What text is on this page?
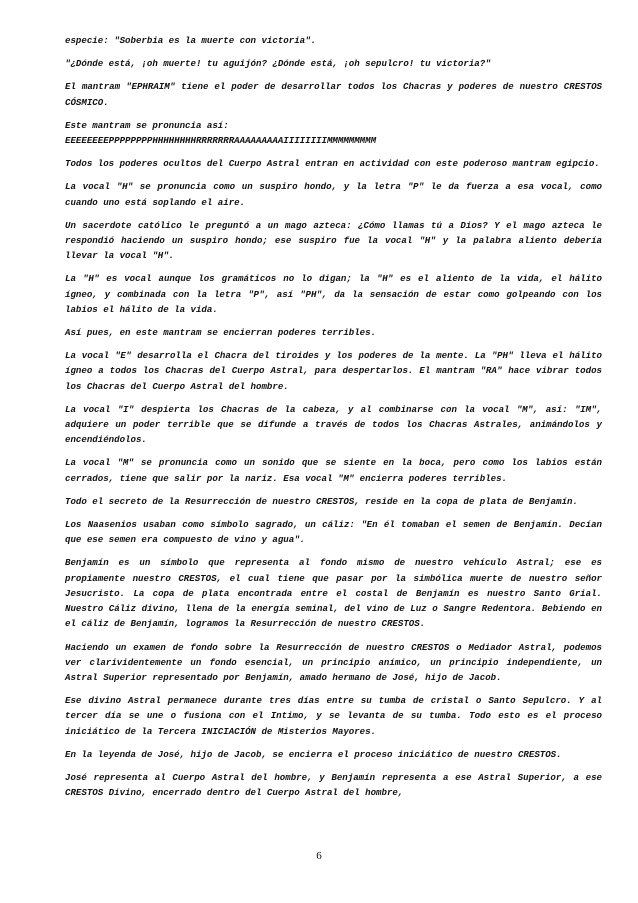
especie: "Soberbia es la muerte con victoria".

"¿Dónde está, ¡oh muerte! tu aguijón? ¿Dónde está, ¡oh sepulcro! tu victoria?"

El mantram "EPHRAIM" tiene el poder de desarrollar todos los Chacras y poderes de nuestro CRESTOS CÓSMICO.

Este mantram se pronuncia así:
EEEEEEEEPPPPPPPPHHHHHHHHRRRRRRRAAAAAAAAAIIIIIIIIMMMMMMMMM

Todos los poderes ocultos del Cuerpo Astral entran en actividad con este poderoso mantram egipcio.

La vocal "H" se pronuncia como un suspiro hondo, y la letra "P" le da fuerza a esa vocal, como cuando uno está soplando el aire.

Un sacerdote católico le preguntó a un mago azteca: ¿Cómo llamas tú a Dios? Y el mago azteca le respondió haciendo un suspiro hondo; ese suspiro fue la vocal "H" y la palabra aliento debería llevar la vocal "H".

La "H" es vocal aunque los gramáticos no lo digan; la "H" es el aliento de la vida, el hálito ígneo, y combinada con la letra "P", así "PH", da la sensación de estar como golpeando con los labios el hálito de la vida.

Así pues, en este mantram se encierran poderes terribles.

La vocal "E" desarrolla el Chacra del tiroides y los poderes de la mente. La "PH" lleva el hálito ígneo a todos los Chacras del Cuerpo Astral, para despertarlos. El mantram "RA" hace vibrar todos los Chacras del Cuerpo Astral del hombre.

La vocal "I" despierta los Chacras de la cabeza, y al combinarse con la vocal "M", así: "IM", adquiere un poder terrible que se difunde a través de todos los Chacras Astrales, animándolos y encendiéndolos.

La vocal "M" se pronuncia como un sonido que se siente en la boca, pero como los labios están cerrados, tiene que salir por la nariz. Esa vocal "M" encierra poderes terribles.

Todo el secreto de la Resurrección de nuestro CRESTOS, reside en la copa de plata de Benjamín.

Los Naasenios usaban como símbolo sagrado, un cáliz: "En él tomaban el semen de Benjamín. Decían que ese semen era compuesto de vino y agua".

Benjamín es un símbolo que representa al fondo mismo de nuestro vehículo Astral; ese es propiamente nuestro CRESTOS, el cual tiene que pasar por la simbólica muerte de nuestro señor Jesucristo. La copa de plata encontrada entre el costal de Benjamín es nuestro Santo Grial. Nuestro Cáliz divino, llena de la energía seminal, del vino de Luz o Sangre Redentora. Bebiendo en el cáliz de Benjamín, logramos la Resurrección de nuestro CRESTOS.

Haciendo un examen de fondo sobre la Resurrección de nuestro CRESTOS o Mediador Astral, podemos ver clarividentemente un fondo esencial, un principio anímico, un principio independiente, un Astral Superior representado por Benjamín, amado hermano de José, hijo de Jacob.

Ese divino Astral permanece durante tres días entre su tumba de cristal o Santo Sepulcro. Y al tercer día se une o fusiona con el Intimo, y se levanta de su tumba. Todo esto es el proceso iniciático de la Tercera INICIACIÓN de Misterios Mayores.

En la leyenda de José, hijo de Jacob, se encierra el proceso iniciático de nuestro CRESTOS.

José representa al Cuerpo Astral del hombre, y Benjamín representa a ese Astral Superior, a ese CRESTOS Divino, encerrado dentro del Cuerpo Astral del hombre,

6
